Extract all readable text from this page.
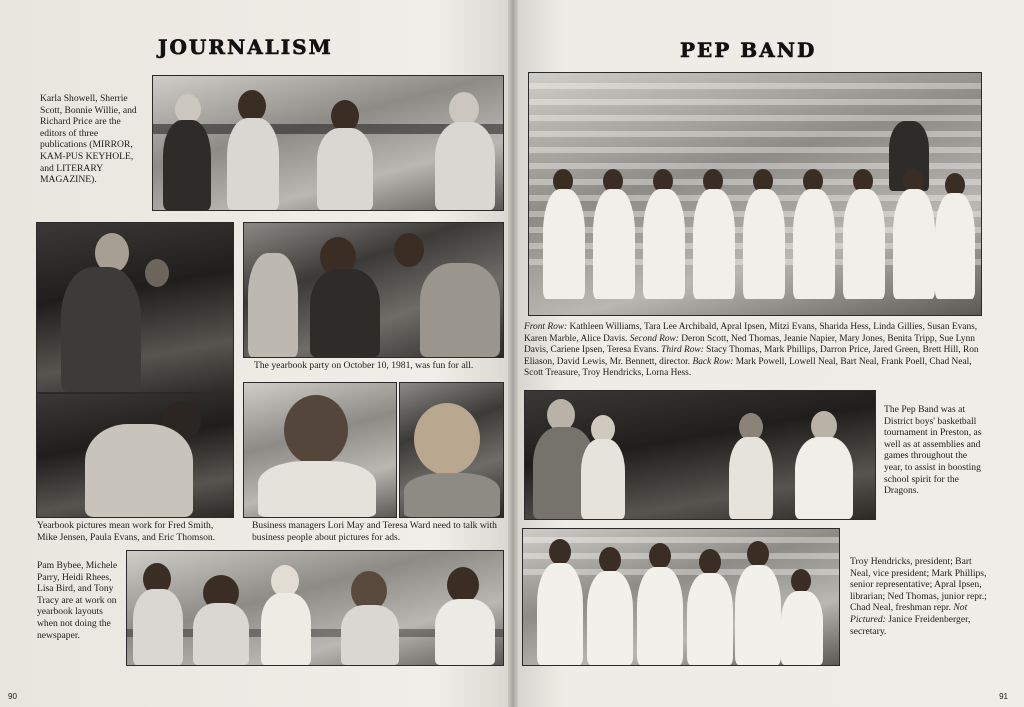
JOURNALISM

Karla Showell, Sherrie Scott, Bonnie Willie, and Richard Price are the editors of three publications (MIRROR, KAM-PUS KEYHOLE, and LITERARY MAGAZINE).

The yearbook party on October 10, 1981, was fun for all.

Yearbook pictures mean work for Fred Smith, Mike Jensen, Paula Evans, and Eric Thomson.

Business managers Lori May and Teresa Ward need to talk with business people about pictures for ads.

Pam Bybee, Michele Parry, Heidi Rhees, Lisa Bird, and Tony Tracy are at work on yearbook layouts when not doing the newspaper.

90
PEP BAND

Front Row: Kathleen Williams, Tara Lee Archibald, Apral Ipsen, Mitzi Evans, Sharida Hess, Linda Gillies, Susan Evans, Karen Marble, Alice Davis. Second Row: Deron Scott, Ned Thomas, Jeanie Napier, Mary Jones, Benita Tripp, Sue Lynn Davis, Cariene Ipsen, Teresa Evans. Third Row: Stacy Thomas, Mark Phillips, Darron Price, Jared Green, Brett Hill, Ron Eliason, David Lewis, Mr. Bennett, director. Back Row: Mark Powell, Lowell Neal, Bart Neal, Frank Poell, Chad Neal, Scott Treasure, Troy Hendricks, Lorna Hess.

The Pep Band was at District boys' basketball tournament in Preston, as well as at assemblies and games throughout the year, to assist in boosting school spirit for the Dragons.

Troy Hendricks, president; Bart Neal, vice president; Mark Phillips, senior representative; Apral Ipsen, librarian; Ned Thomas, junior repr.; Chad Neal, freshman repr. Not Pictured: Janice Freidenberger, secretary.

91
